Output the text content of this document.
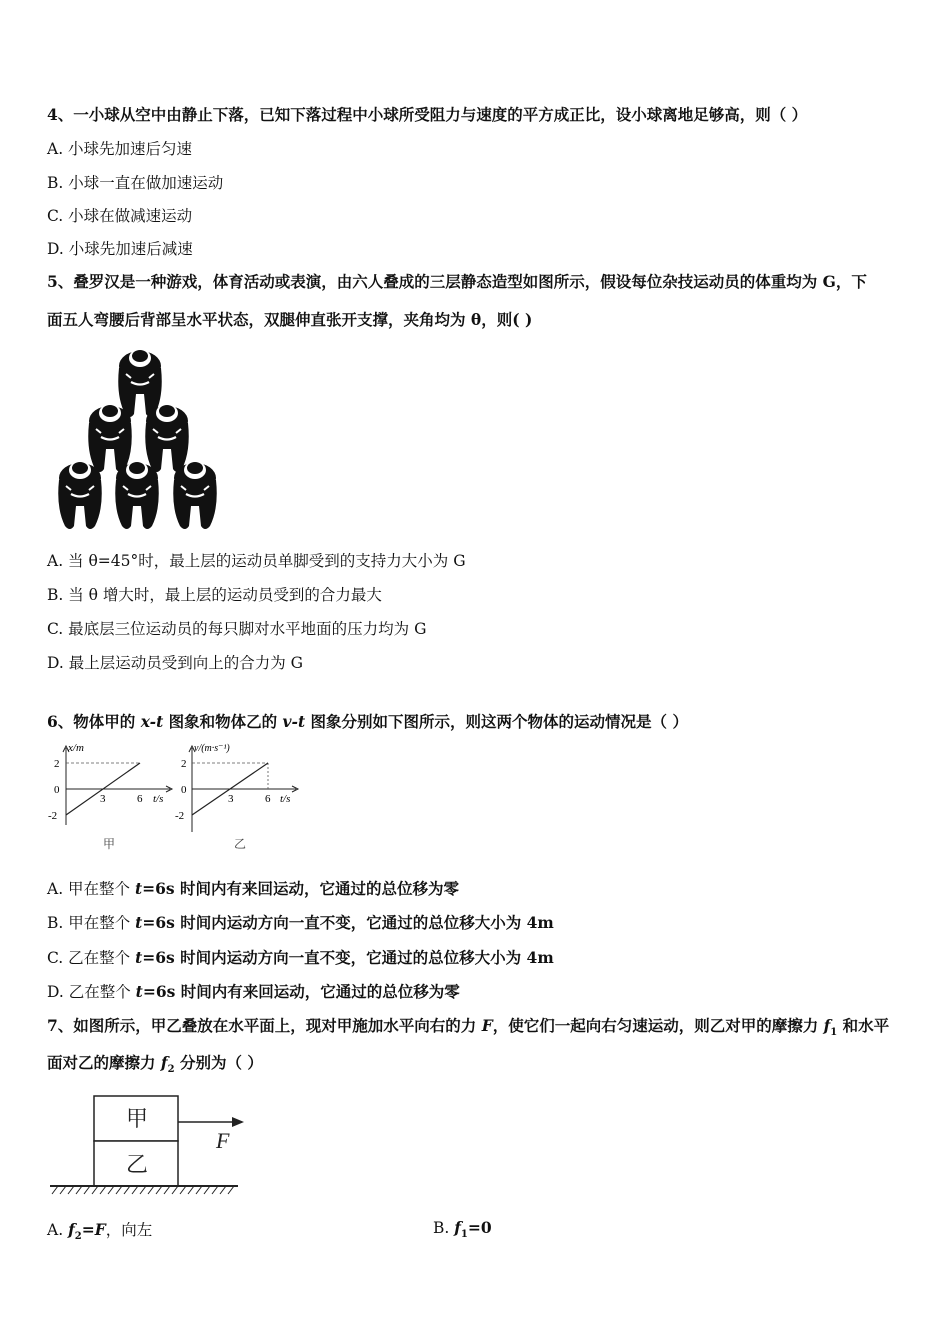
4、一小球从空中由静止下落，已知下落过程中小球所受阻力与速度的平方成正比，设小球离地足够高，则（ ）
A. 小球先加速后匀速
B. 小球一直在做加速运动
C. 小球在做减速运动
D. 小球先加速后减速
5、叠罗汉是一种游戏，体育活动或表演，由六人叠成的三层静态造型如图所示，假设每位杂技运动员的体重均为 G，下
面五人弯腰后背部呈水平状态，双腿伸直张开支撑，夹角均为 θ，则( )
A. 当 θ=45°时，最上层的运动员单脚受到的支持力大小为 G
B. 当 θ 增大时，最上层的运动员受到的合力最大
C. 最底层三位运动员的每只脚对水平地面的压力均为 G
D. 最上层运动员受到向上的合力为 G
6、物体甲的 x-t 图象和物体乙的 v-t 图象分别如下图所示，则这两个物体的运动情况是（ ）
x/m
2
0
-2
3	6 t/s
甲
v/(m·s⁻¹)
2
0
-2
3	6 t/s
乙
A. 甲在整个 t=6s 时间内有来回运动，它通过的总位移为零
B. 甲在整个 t=6s 时间内运动方向一直不变，它通过的总位移大小为 4m
C. 乙在整个 t=6s 时间内运动方向一直不变，它通过的总位移大小为 4m
D. 乙在整个 t=6s 时间内有来回运动，它通过的总位移为零
7、如图所示，甲乙叠放在水平面上，现对甲施加水平向右的力 F，使它们一起向右匀速运动，则乙对甲的摩擦力 $f_1$ 和水平
面对乙的摩擦力 $f_2$ 分别为（ ）
甲
乙
F
A. $f_2=F$，向左	B. $f_1=0$
